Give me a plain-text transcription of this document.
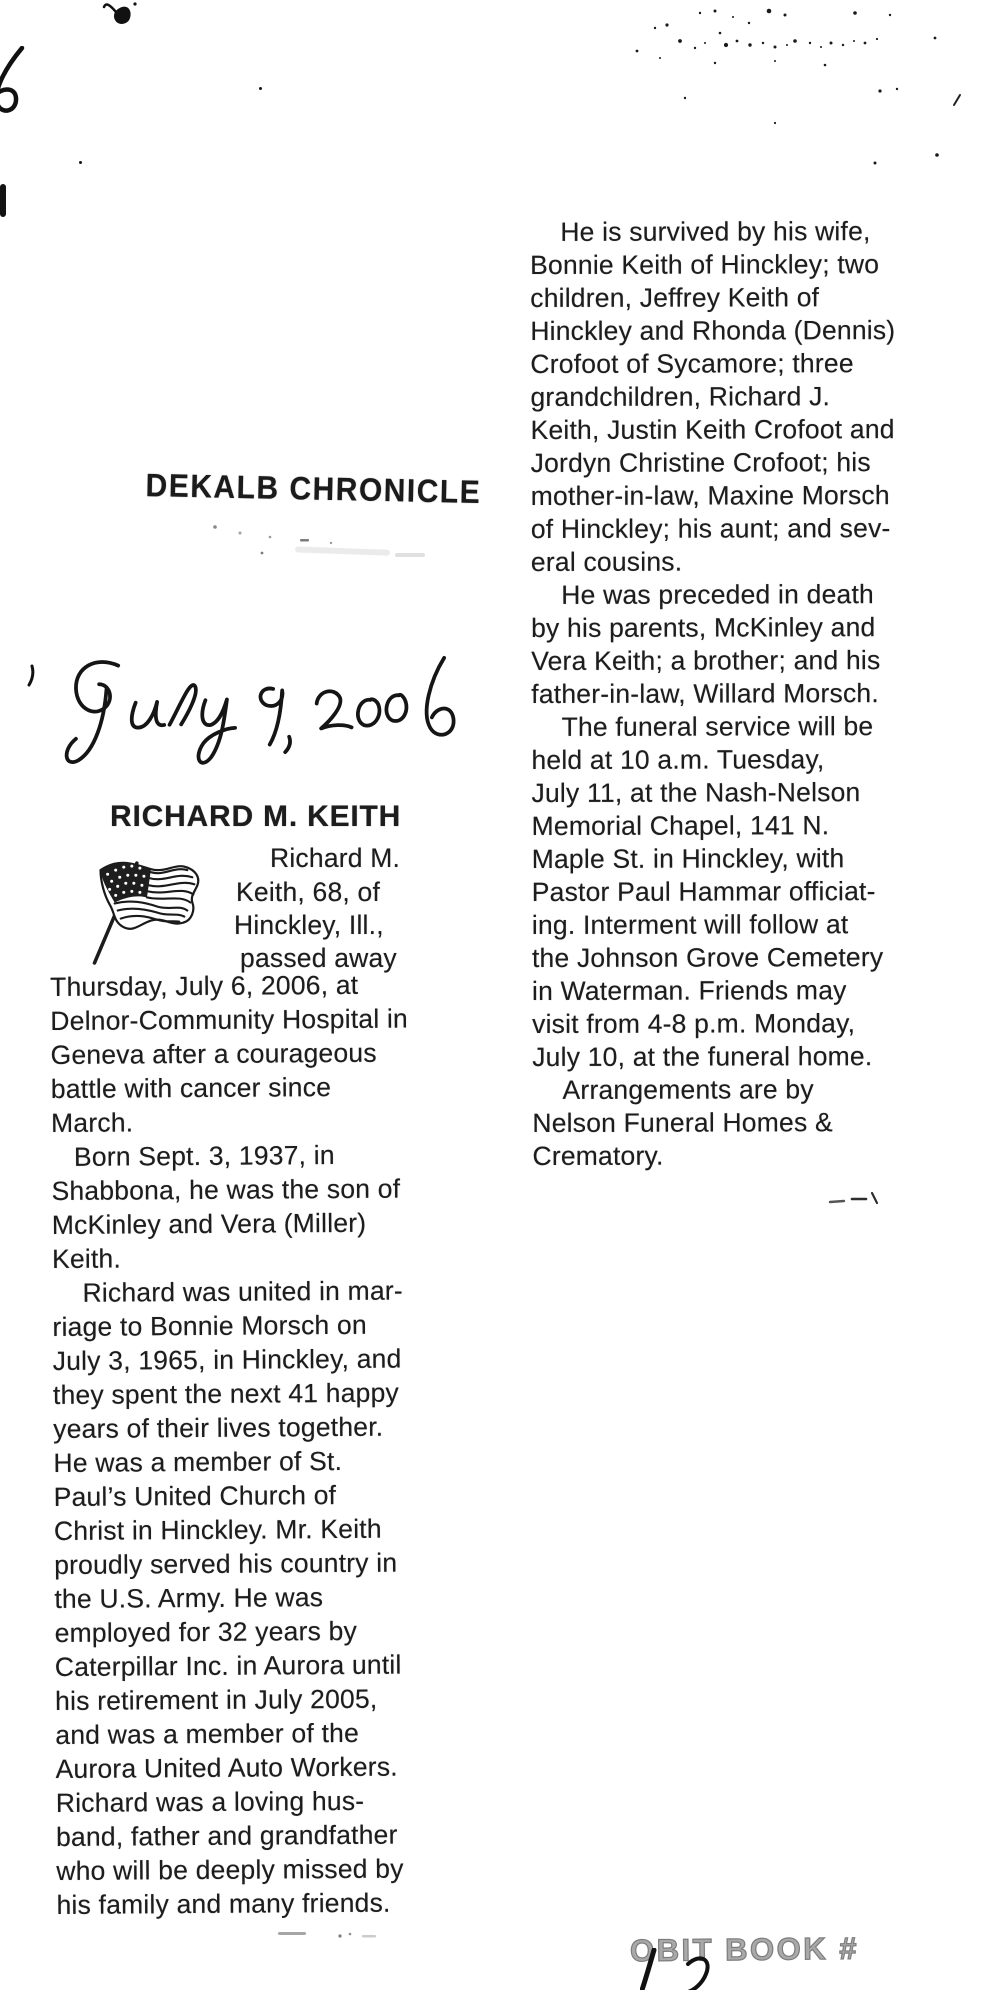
DEKALB CHRONICLE
RICHARD M. KEITH
Richard M.
Keith, 68, of
Hinckley, Ill.,
passed away
Thursday, July 6, 2006, at
Delnor-Community Hospital in
Geneva after a courageous
battle with cancer since
March.
Born Sept. 3, 1937, in
Shabbona, he was the son of
McKinley and Vera (Miller)
Keith.
Richard was united in mar-
riage to Bonnie Morsch on
July 3, 1965, in Hinckley, and
they spent the next 41 happy
years of their lives together.
He was a member of St.
Paul’s United Church of
Christ in Hinckley. Mr. Keith
proudly served his country in
the U.S. Army. He was
employed for 32 years by
Caterpillar Inc. in Aurora until
his retirement in July 2005,
and was a member of the
Aurora United Auto Workers.
Richard was a loving hus-
band, father and grandfather
who will be deeply missed by
his family and many friends.
He is survived by his wife,
Bonnie Keith of Hinckley; two
children, Jeffrey Keith of
Hinckley and Rhonda (Dennis)
Crofoot of Sycamore; three
grandchildren, Richard J.
Keith, Justin Keith Crofoot and
Jordyn Christine Crofoot; his
mother-in-law, Maxine Morsch
of Hinckley; his aunt; and sev-
eral cousins.
He was preceded in death
by his parents, McKinley and
Vera Keith; a brother; and his
father-in-law, Willard Morsch.
The funeral service will be
held at 10 a.m. Tuesday,
July 11, at the Nash-Nelson
Memorial Chapel, 141 N.
Maple St. in Hinckley, with
Pastor Paul Hammar officiat-
ing. Interment will follow at
the Johnson Grove Cemetery
in Waterman. Friends may
visit from 4-8 p.m. Monday,
July 10, at the funeral home.
Arrangements are by
Nelson Funeral Homes &
Crematory.
OBIT BOOK #
